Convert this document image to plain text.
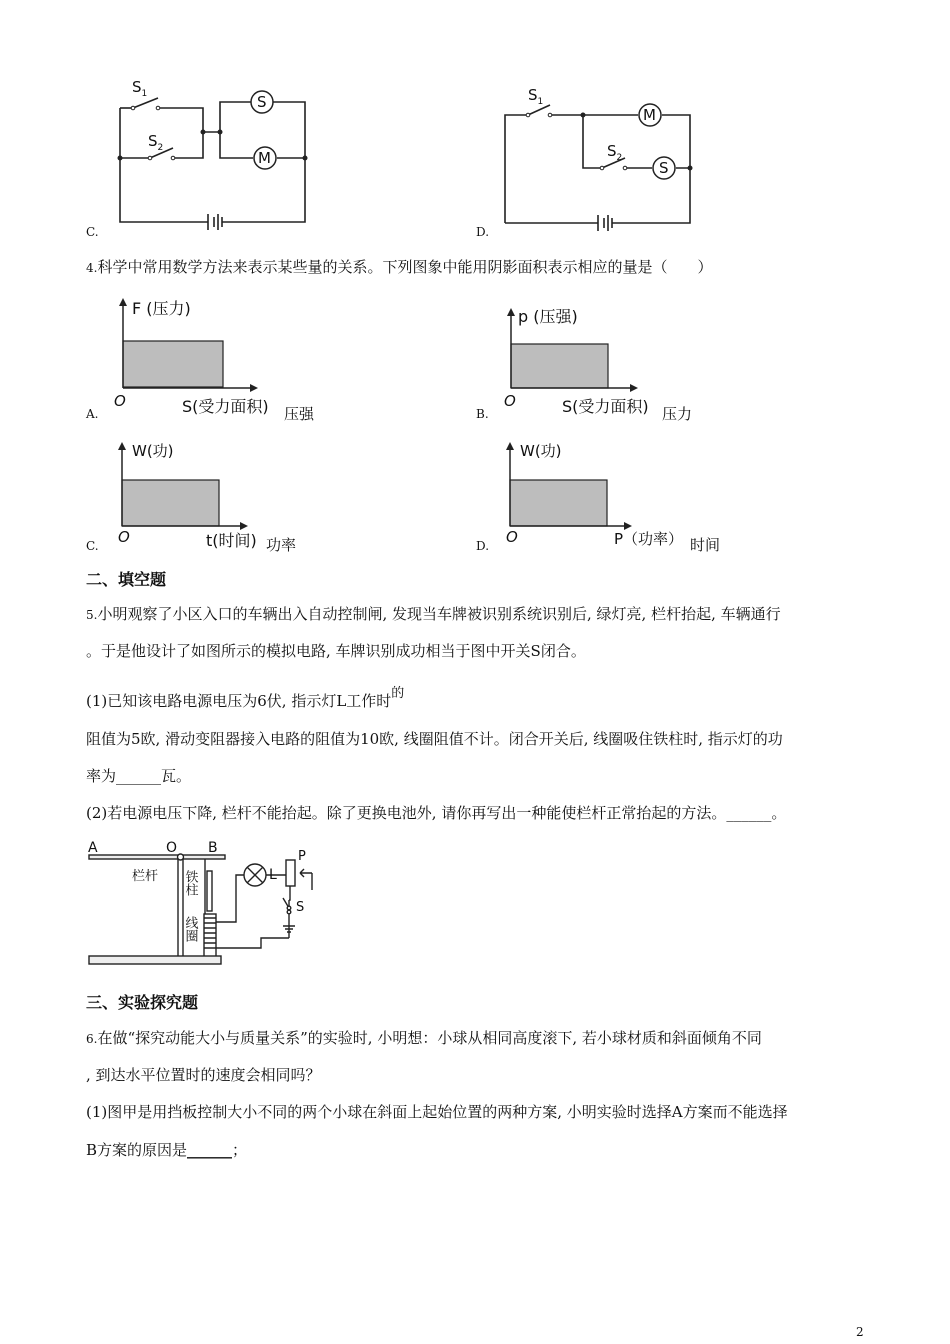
S
M
$S_1$
$S_2$
C.
M
S
$S_1$
$S_2$
D.
4.科学中常用数学方法来表示某些量的关系。下列图象中能用阴影面积表示相应的量是（　　）
F (压力)
O	S(受力面积)
A.	压强
p (压强)
O	S(受力面积)
B.	压力
W(功)
O	t(时间)
C.	功率
W(功)
O	P（功率）
D.	时间
二、填空题
5.小明观察了小区入口的车辆出入自动控制闸, 发现当车牌被识别系统识别后, 绿灯亮, 栏杆抬起, 车辆通行
。于是他设计了如图所示的模拟电路, 车牌识别成功相当于图中开关S闭合。
(1)已知该电路电源电压为6伏, 指示灯L工作时的
阻值为5欧, 滑动变阻器接入电路的阻值为10欧, 线圈阻值不计。闭合开关后, 线圈吸住铁柱时, 指示灯的功
率为______瓦。
(2)若电源电压下降, 栏杆不能抬起。除了更换电池外, 请你再写出一种能使栏杆正常抬起的方法。______。
A	O B
栏杆 铁柱
线圈
L
P
S
三、实验探究题
6.在做“探究动能大小与质量关系”的实验时, 小明想：小球从相同高度滚下, 若小球材质和斜面倾角不同
, 到达水平位置时的速度会相同吗？
(1)图甲是用挡板控制大小不同的两个小球在斜面上起始位置的两种方案, 小明实验时选择A方案而不能选择
B方案的原因是______；
2
